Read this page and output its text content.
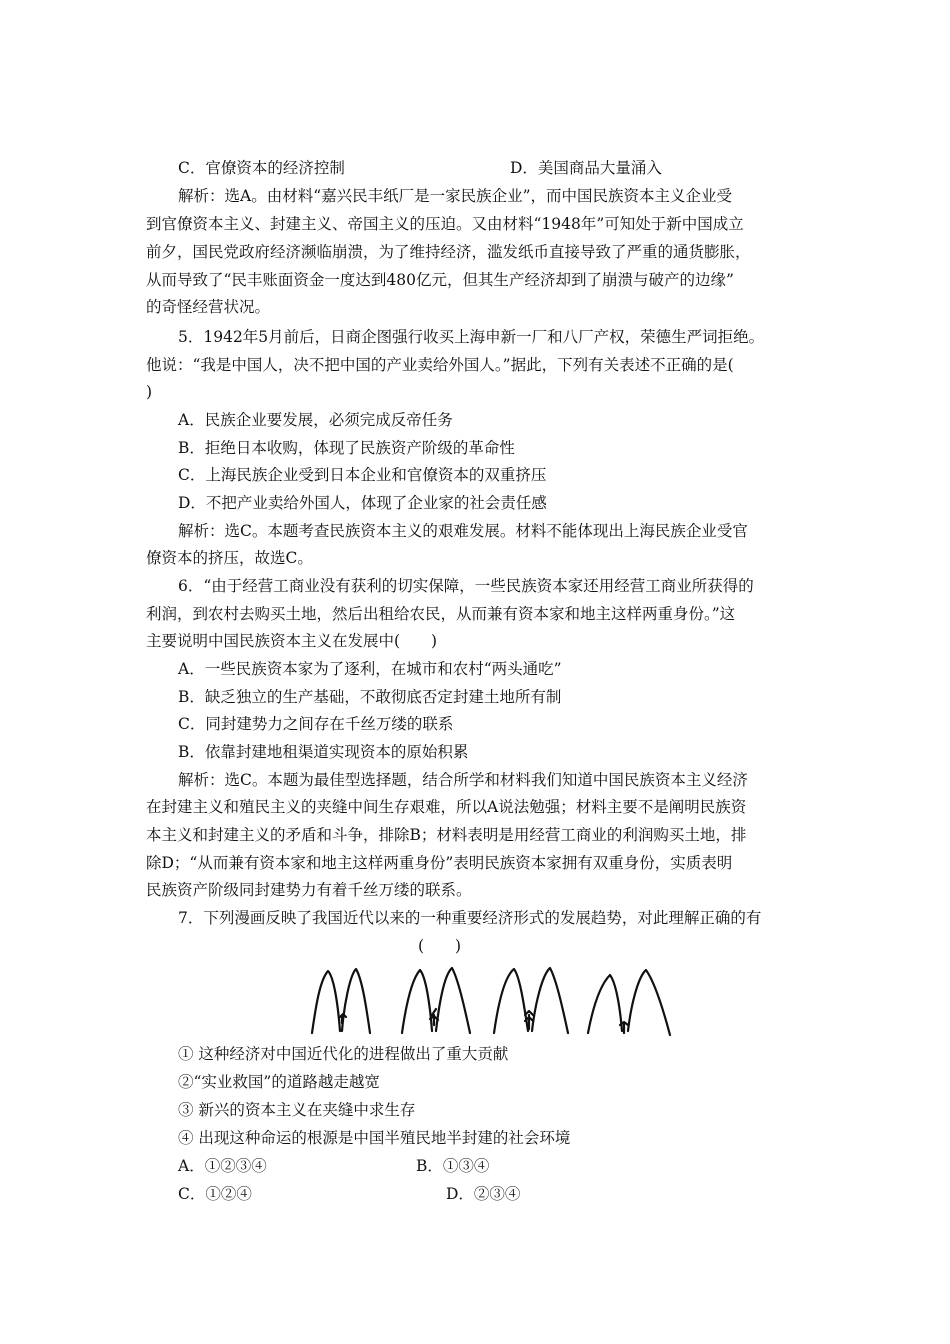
C．官僚资本的经济控制	D．美国商品大量涌入
解析：选A。由材料“嘉兴民丰纸厂是一家民族企业”，而中国民族资本主义企业受
到官僚资本主义、封建主义、帝国主义的压迫。又由材料“1948年”可知处于新中国成立
前夕，国民党政府经济濒临崩溃，为了维持经济，滥发纸币直接导致了严重的通货膨胀，
从而导致了“民丰账面资金一度达到480亿元，但其生产经济却到了崩溃与破产的边缘”
的奇怪经营状况。
5．1942年5月前后，日商企图强行收买上海申新一厂和八厂产权，荣德生严词拒绝。
他说：“我是中国人，决不把中国的产业卖给外国人。”据此，下列有关表述不正确的是(
)
A．民族企业要发展，必须完成反帝任务
B．拒绝日本收购，体现了民族资产阶级的革命性
C．上海民族企业受到日本企业和官僚资本的双重挤压
D．不把产业卖给外国人，体现了企业家的社会责任感
解析：选C。本题考查民族资本主义的艰难发展。材料不能体现出上海民族企业受官
僚资本的挤压，故选C。
6．“由于经营工商业没有获利的切实保障，一些民族资本家还用经营工商业所获得的
利润，到农村去购买土地，然后出租给农民，从而兼有资本家和地主这样两重身份。”这
主要说明中国民族资本主义在发展中(　　)
A．一些民族资本家为了逐利，在城市和农村“两头通吃”
B．缺乏独立的生产基础，不敢彻底否定封建土地所有制
C．同封建势力之间存在千丝万缕的联系
B．依靠封建地租渠道实现资本的原始积累
解析：选C。本题为最佳型选择题，结合所学和材料我们知道中国民族资本主义经济
在封建主义和殖民主义的夹缝中间生存艰难，所以A说法勉强；材料主要不是阐明民族资
本主义和封建主义的矛盾和斗争，排除B；材料表明是用经营工商业的利润购买土地，排
除D；“从而兼有资本家和地主这样两重身份”表明民族资本家拥有双重身份，实质表明
民族资产阶级同封建势力有着千丝万缕的联系。
7．下列漫画反映了我国近代以来的一种重要经济形式的发展趋势，对此理解正确的有
(　　)
① 这种经济对中国近代化的进程做出了重大贡献
②“实业救国”的道路越走越宽
③ 新兴的资本主义在夹缝中求生存
④ 出现这种命运的根源是中国半殖民地半封建的社会环境
A．①②③④	B．①③④
C．①②④	D．②③④
